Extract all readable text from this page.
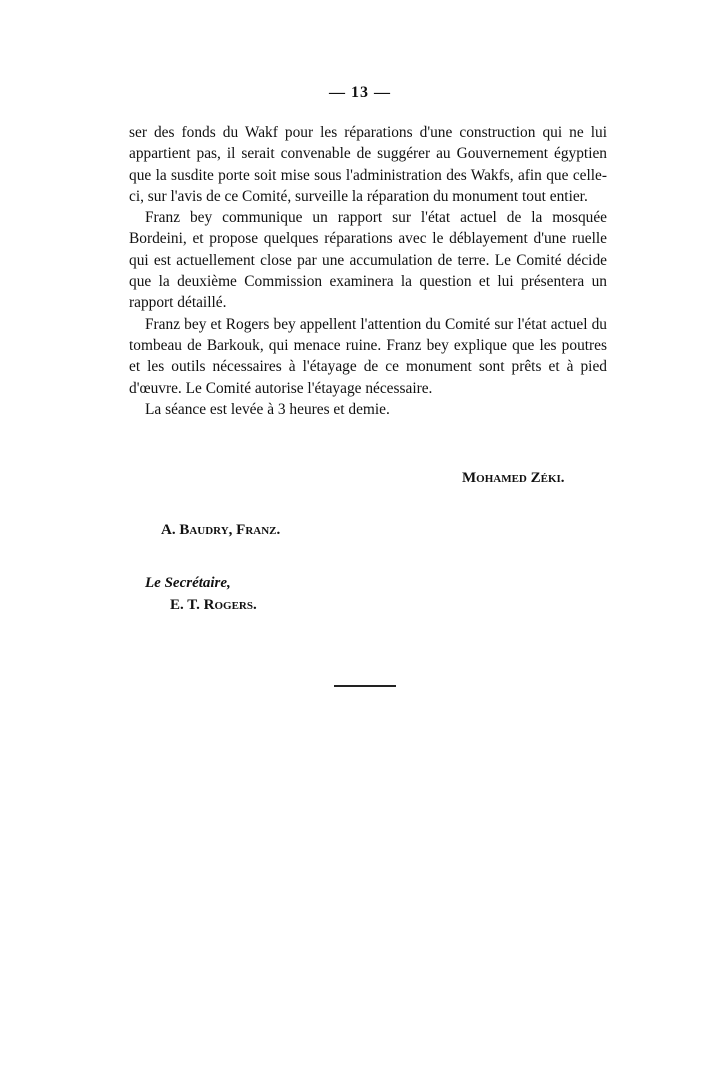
— 13 —

ser des fonds du Wakf pour les réparations d'une construction qui ne lui appartient pas, il serait convenable de suggérer au Gouvernement égyptien que la susdite porte soit mise sous l'administration des Wakfs, afin que celle-ci, sur l'avis de ce Comité, surveille la réparation du monument tout entier.

Franz bey communique un rapport sur l'état actuel de la mosquée Bordeini, et propose quelques réparations avec le déblayement d'une ruelle qui est actuellement close par une accumulation de terre. Le Comité décide que la deuxième Commission examinera la question et lui présentera un rapport détaillé.

Franz bey et Rogers bey appellent l'attention du Comité sur l'état actuel du tombeau de Barkouk, qui menace ruine. Franz bey explique que les poutres et les outils nécessaires à l'étayage de ce monument sont prêts et à pied d'œuvre. Le Comité autorise l'étayage nécessaire.

La séance est levée à 3 heures et demie.

Mohamed Zéki.
A. Baudry, Franz.
Le Secrétaire,
E. T. Rogers.
